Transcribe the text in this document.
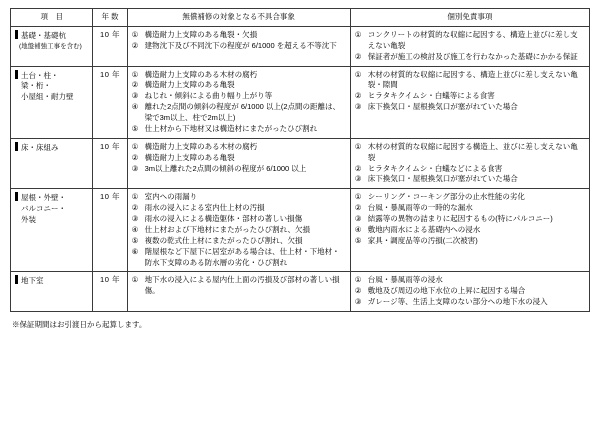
項　目	年 数	無償補修の対象となる不具合事象	個別免責事項

基礎・基礎杭
(地盤補強工事を含む)
	10 年	① 構造耐力上支障のある亀裂・欠損
② 建物沈下及び不同沈下の程度が 6/1000 を超える不等沈下

① コンクリートの材質的な収縮に起因する、構造上並びに差し支えない亀裂
② 保証者が施工の検討及び施工を行わなかった基礎にかかる保証

土台・柱・
梁・桁・
小屋組・耐力壁
	10 年	① 構造耐力上支障のある木材の腐朽
② 構造耐力上支障のある亀裂
③ ねじれ・傾斜による曲り幅り上がり等
④ 離れた2点間の傾斜の程度が 6/1000 以上(2点間の距離は、梁で3m以上、柱で2m以上)
⑤ 仕上材から下地材又は構造材にまたがったひび割れ

① 木材の材質的な収縮に起因する、構造上並びに差し支えない亀裂・隙間
② ヒラタキクイムシ・白蟻等による食害
③ 床下換気口・屋根換気口が塞がれていた場合

床・床組み	10 年	① 構造耐力上支障のある木材の腐朽
② 構造耐力上支障のある亀裂
③ 3m以上離れた2点間の傾斜の程度が 6/1000 以上

① 木材の材質的な収縮に起因する構造上、並びに差し支えない亀裂
② ヒラタキクイムシ・白蟻などによる食害
③ 床下換気口・屋根換気口が塞がれていた場合

屋根・外壁・
バルコニー・
外装
	10 年	① 室内への雨漏り
② 雨水の浸入による室内仕上材の汚損
③ 雨水の浸入による構造躯体・部材の著しい損傷
④ 仕上材および下地材にまたがったひび割れ、欠損
⑤ 複数の乾式仕上材にまたがったひび割れ、欠損
⑥ 階屋根など下屋下に居室がある場合は、仕上材・下地材・防水下支障のある防水層の劣化・ひび割れ

① シーリング・コーキング部分の止水性能の劣化
② 台風・暴風雨等の一時的な漏水
③ 結露等の異物の詰まりに起因するもの(特にパルコニー)
④ 敷地内雨水による基礎内への浸水
⑤ 家具・調度品等の汚損(二次被害)

地下室	10 年	① 地下水の浸入による屋内仕上面の汚損及び部材の著しい損傷。

① 台風・暴風雨等の浸水
② 敷地及び周辺の地下水位の上昇に起因する場合
③ ガレージ等、生活上支障のない部分への地下水の浸入
※保証期間はお引渡日から起算します。
